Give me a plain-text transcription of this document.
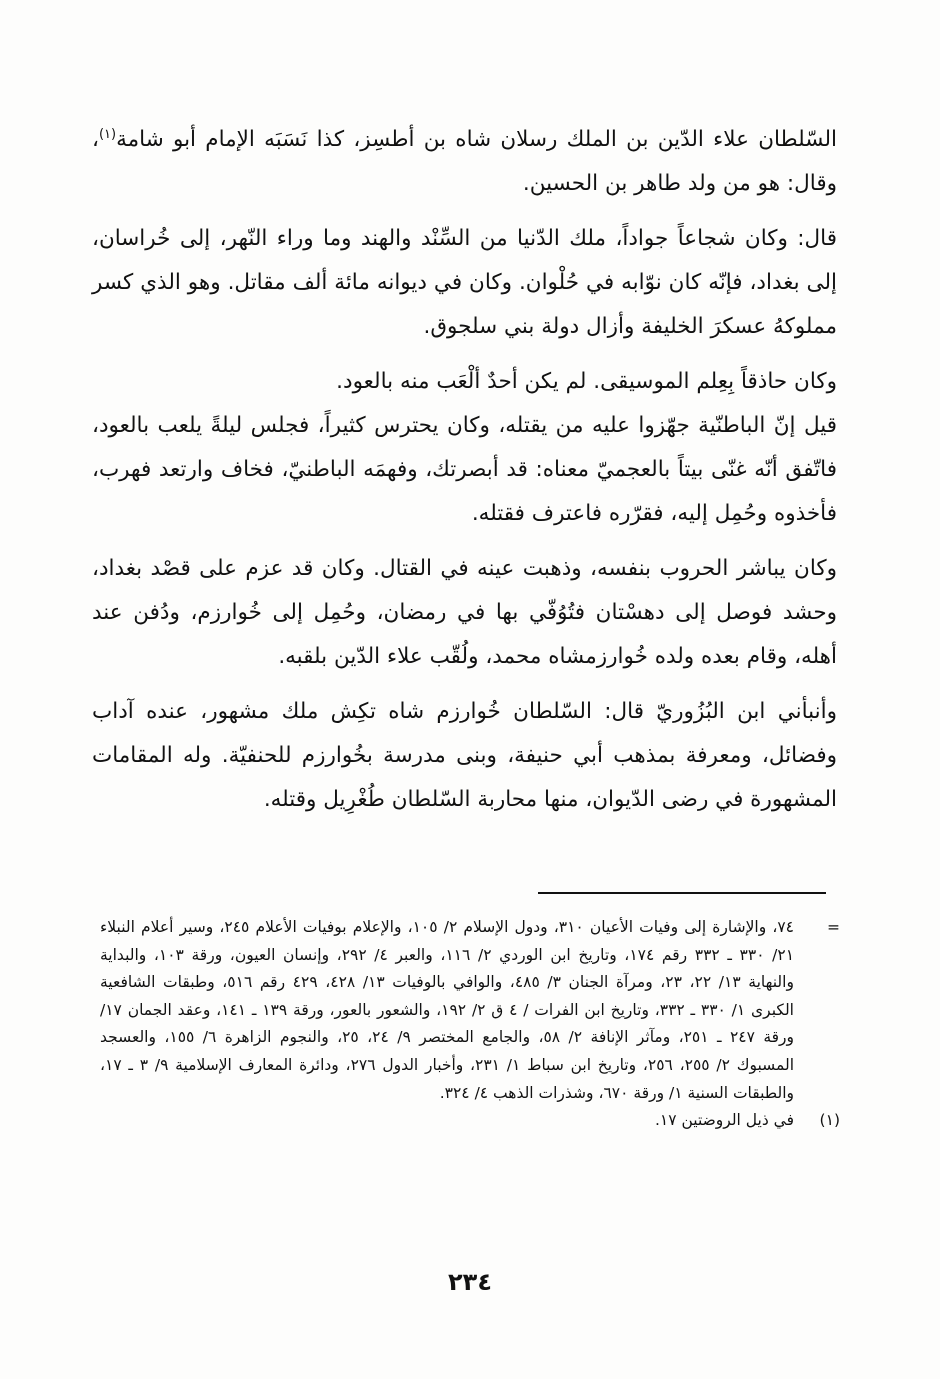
السّلطان علاء الدّين بن الملك رسلان شاه بن أطسِز، كذا نَسَبَه الإمام أبو شامة$^{(١)}$، وقال: هو من ولد طاهر بن الحسين.

قال: وكان شجاعاً جواداً، ملك الدّنيا من السِّنْد والهند وما وراء النّهر، إلى خُراسان، إلى بغداد، فإنّه كان نوّابه في حُلْوان. وكان في ديوانه مائة ألف مقاتل. وهو الذي كسر مملوكهُ عسكرَ الخليفة وأزال دولة بني سلجوق.

وكان حاذقاً بِعِلم الموسيقى. لم يكن أحدٌ ألْعَب منه بالعود.

قيل إنّ الباطنّية جهّزوا عليه من يقتله، وكان يحترس كثيراً، فجلس ليلةً يلعب بالعود، فاتّفق أنّه غنّى بيتاً بالعجميّ معناه: قد أبصرتك، وفهمَه الباطنيّ، فخاف وارتعد فهرب، فأخذوه وحُمِل إليه، فقرّره فاعترف فقتله.

وكان يباشر الحروب بنفسه، وذهبت عينه في القتال. وكان قد عزم على قصْد بغداد، وحشد فوصل إلى دهسْتان فتُوُفّي بها في رمضان، وحُمِل إلى خُوارزم، ودُفن عند أهله، وقام بعده ولده خُوارزمشاه محمد، ولُقّب علاء الدّين بلقبه.

وأنبأني ابن البُزُوريّ قال: السّلطان خُوارزم شاه تكِش ملك مشهور، عنده آداب وفضائل، ومعرفة بمذهب أبي حنيفة، وبنى مدرسة بخُوارزم للحنفيّة. وله المقامات المشهورة في رضى الدّيوان، منها محاربة السّلطان طُغْرِيل وقتله.

=
٧٤، والإشارة إلى وفيات الأعيان ٣١٠، ودول الإسلام ٢/ ١٠٥، والإعلام بوفيات الأعلام ٢٤٥، وسير أعلام النبلاء ٢١/ ٣٣٠ ـ ٣٣٢ رقم ١٧٤، وتاريخ ابن الوردي ٢/ ١١٦، والعبر ٤/ ٢٩٢، وإنسان العيون، ورقة ١٠٣، والبداية والنهاية ١٣/ ٢٢، ٢٣، ومرآة الجنان ٣/ ٤٨٥، والوافي بالوفيات ١٣/ ٤٢٨، ٤٢٩ رقم ٥١٦، وطبقات الشافعية الكبرى ١/ ٣٣٠ ـ ٣٣٢، وتاريخ ابن الفرات / ٤ ق ٢/ ١٩٢، والشعور بالعور، ورقة ١٣٩ ـ ١٤١، وعقد الجمان ١٧/ ورقة ٢٤٧ ـ ٢٥١، ومآثر الإنافة ٢/ ٥٨، والجامع المختصر ٩/ ٢٤، ٢٥، والنجوم الزاهرة ٦/ ١٥٥، والعسجد المسبوك ٢/ ٢٥٥، ٢٥٦، وتاريخ ابن سباط ١/ ٢٣١، وأخبار الدول ٢٧٦، ودائرة المعارف الإسلامية ٩/ ٣ ـ ١٧، والطبقات السنية ١/ ورقة ٦٧٠، وشذرات الذهب ٤/ ٣٢٤.
(١)
في ذيل الروضتين ١٧.
٢٣٤
